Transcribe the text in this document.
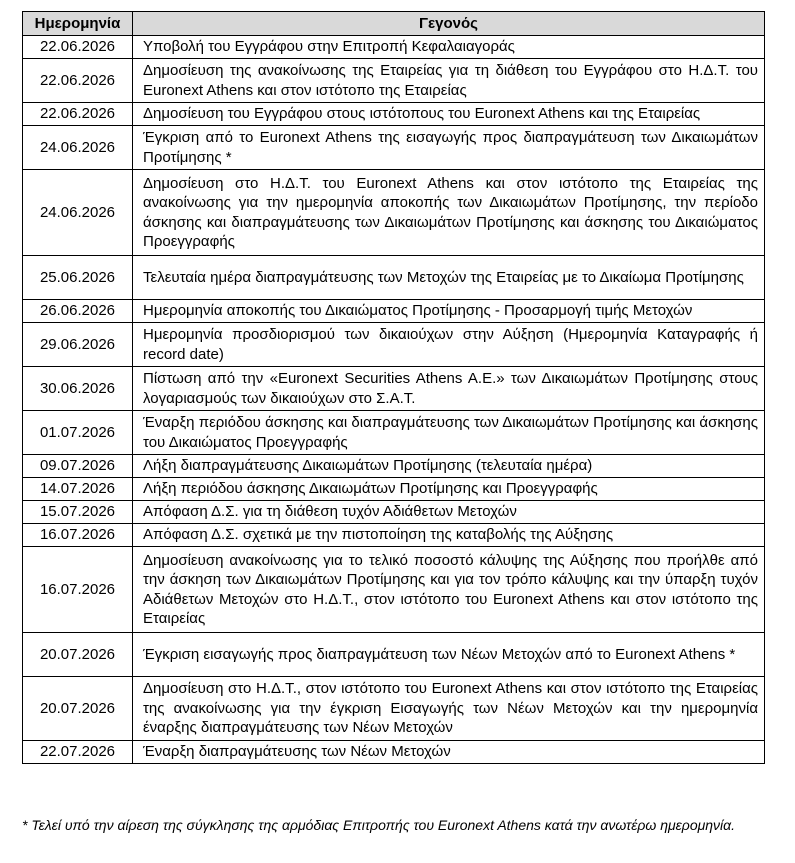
Ημερομηνία	Γεγονός
22.06.2026	Υποβολή του Εγγράφου στην Επιτροπή Κεφαλαιαγοράς
22.06.2026	Δημοσίευση της ανακοίνωσης της Εταιρείας για τη διάθεση του Εγγράφου στο Η.Δ.Τ. του Euronext Athens και στον ιστότοπο της Εταιρείας
22.06.2026	Δημοσίευση του Εγγράφου στους ιστότοπους του Euronext Athens και της Εταιρείας
24.06.2026	Έγκριση από το Euronext Athens της εισαγωγής προς διαπραγμάτευση των Δικαιωμάτων Προτίμησης *
24.06.2026	Δημοσίευση στο Η.Δ.Τ. του Euronext Athens και στον ιστότοπο της Εταιρείας της ανακοίνωσης για την ημερομηνία αποκοπής των Δικαιωμάτων Προτίμησης, την περίοδο άσκησης και διαπραγμάτευσης των Δικαιωμάτων Προτίμησης και άσκησης του Δικαιώματος Προεγγραφής
25.06.2026	Τελευταία ημέρα διαπραγμάτευσης των Μετοχών της Εταιρείας με το Δικαίωμα Προτίμησης
26.06.2026	Ημερομηνία αποκοπής του Δικαιώματος Προτίμησης - Προσαρμογή τιμής Μετοχών
29.06.2026	Ημερομηνία προσδιορισμού των δικαιούχων στην Αύξηση (Ημερομηνία Καταγραφής ή record date)
30.06.2026	Πίστωση από την «Euronext Securities Athens A.E.» των Δικαιωμάτων Προτίμησης στους λογαριασμούς των δικαιούχων στο Σ.Α.Τ.
01.07.2026	Έναρξη περιόδου άσκησης και διαπραγμάτευσης των Δικαιωμάτων Προτίμησης και άσκησης του Δικαιώματος Προεγγραφής
09.07.2026	Λήξη διαπραγμάτευσης Δικαιωμάτων Προτίμησης (τελευταία ημέρα)
14.07.2026	Λήξη περιόδου άσκησης Δικαιωμάτων Προτίμησης και Προεγγραφής
15.07.2026	Απόφαση Δ.Σ. για τη διάθεση τυχόν Αδιάθετων Μετοχών
16.07.2026	Απόφαση Δ.Σ. σχετικά με την πιστοποίηση της καταβολής της Αύξησης
16.07.2026	Δημοσίευση ανακοίνωσης για το τελικό ποσοστό κάλυψης της Αύξησης που προήλθε από την άσκηση των Δικαιωμάτων Προτίμησης και για τον τρόπο κάλυψης και την ύπαρξη τυχόν Αδιάθετων Μετοχών στο Η.Δ.Τ., στον ιστότοπο του Euronext Athens και στον ιστότοπο της Εταιρείας
20.07.2026	Έγκριση εισαγωγής προς διαπραγμάτευση των Νέων Μετοχών από το Euronext Athens *
20.07.2026	Δημοσίευση στο Η.Δ.Τ., στον ιστότοπο του Euronext Athens και στον ιστότοπο της Εταιρείας της ανακοίνωσης για την έγκριση Εισαγωγής των Νέων Μετοχών και την ημερομηνία έναρξης διαπραγμάτευσης των Νέων Μετοχών
22.07.2026	Έναρξη διαπραγμάτευσης των Νέων Μετοχών
* Τελεί υπό την αίρεση της σύγκλησης της αρμόδιας Επιτροπής του Euronext Athens κατά την ανωτέρω ημερομηνία.
